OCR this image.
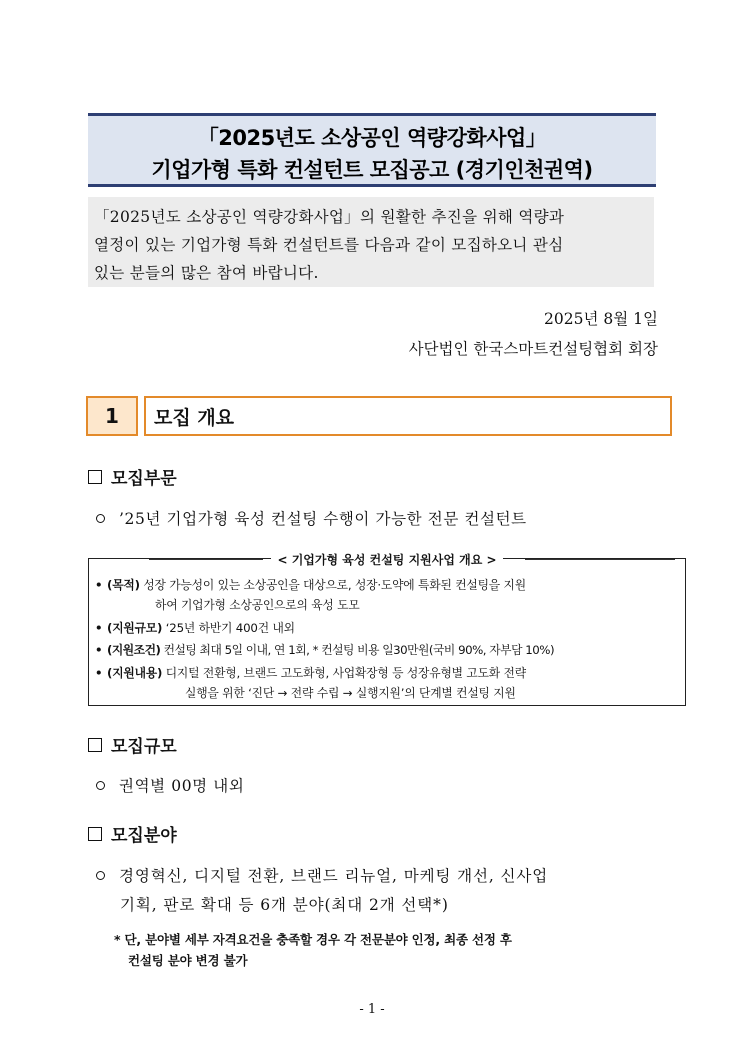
「2025년도 소상공인 역량강화사업」
기업가형 특화 컨설턴트 모집공고 (경기인천권역)
「2025년도 소상공인 역량강화사업」의 원활한 추진을 위해 역량과
열정이 있는 기업가형 특화 컨설턴트를 다음과 같이 모집하오니 관심
있는 분들의 많은 참여 바랍니다.
2025년 8월 1일
사단법인 한국스마트컨설팅협회 회장
1	모집 개요
모집부문
’25년 기업가형 육성 컨설팅 수행이 가능한 전문 컨설턴트
< 기업가형 육성 컨설팅 지원사업 개요 >
• (목적) 성장 가능성이 있는 소상공인을 대상으로, 성장·도약에 특화된 컨설팅을 지원
하여 기업가형 소상공인으로의 육성 도모
• (지원규모) ‘25년 하반기 400건 내외
• (지원조건) 컨설팅 최대 5일 이내, 연 1회, * 컨설팅 비용 일30만원(국비 90%, 자부담 10%)
• (지원내용) 디지털 전환형, 브랜드 고도화형, 사업확장형 등 성장유형별 고도화 전략
실행을 위한 ‘진단 → 전략 수립 → 실행지원’의 단계별 컨설팅 지원
모집규모
권역별 00명 내외
모집분야
경영혁신, 디지털 전환, 브랜드 리뉴얼, 마케팅 개선, 신사업
기획, 판로 확대 등 6개 분야(최대 2개 선택*)
* 단, 분야별 세부 자격요건을 충족할 경우 각 전문분야 인정, 최종 선정 후
컨설팅 분야 변경 불가
- 1 -
